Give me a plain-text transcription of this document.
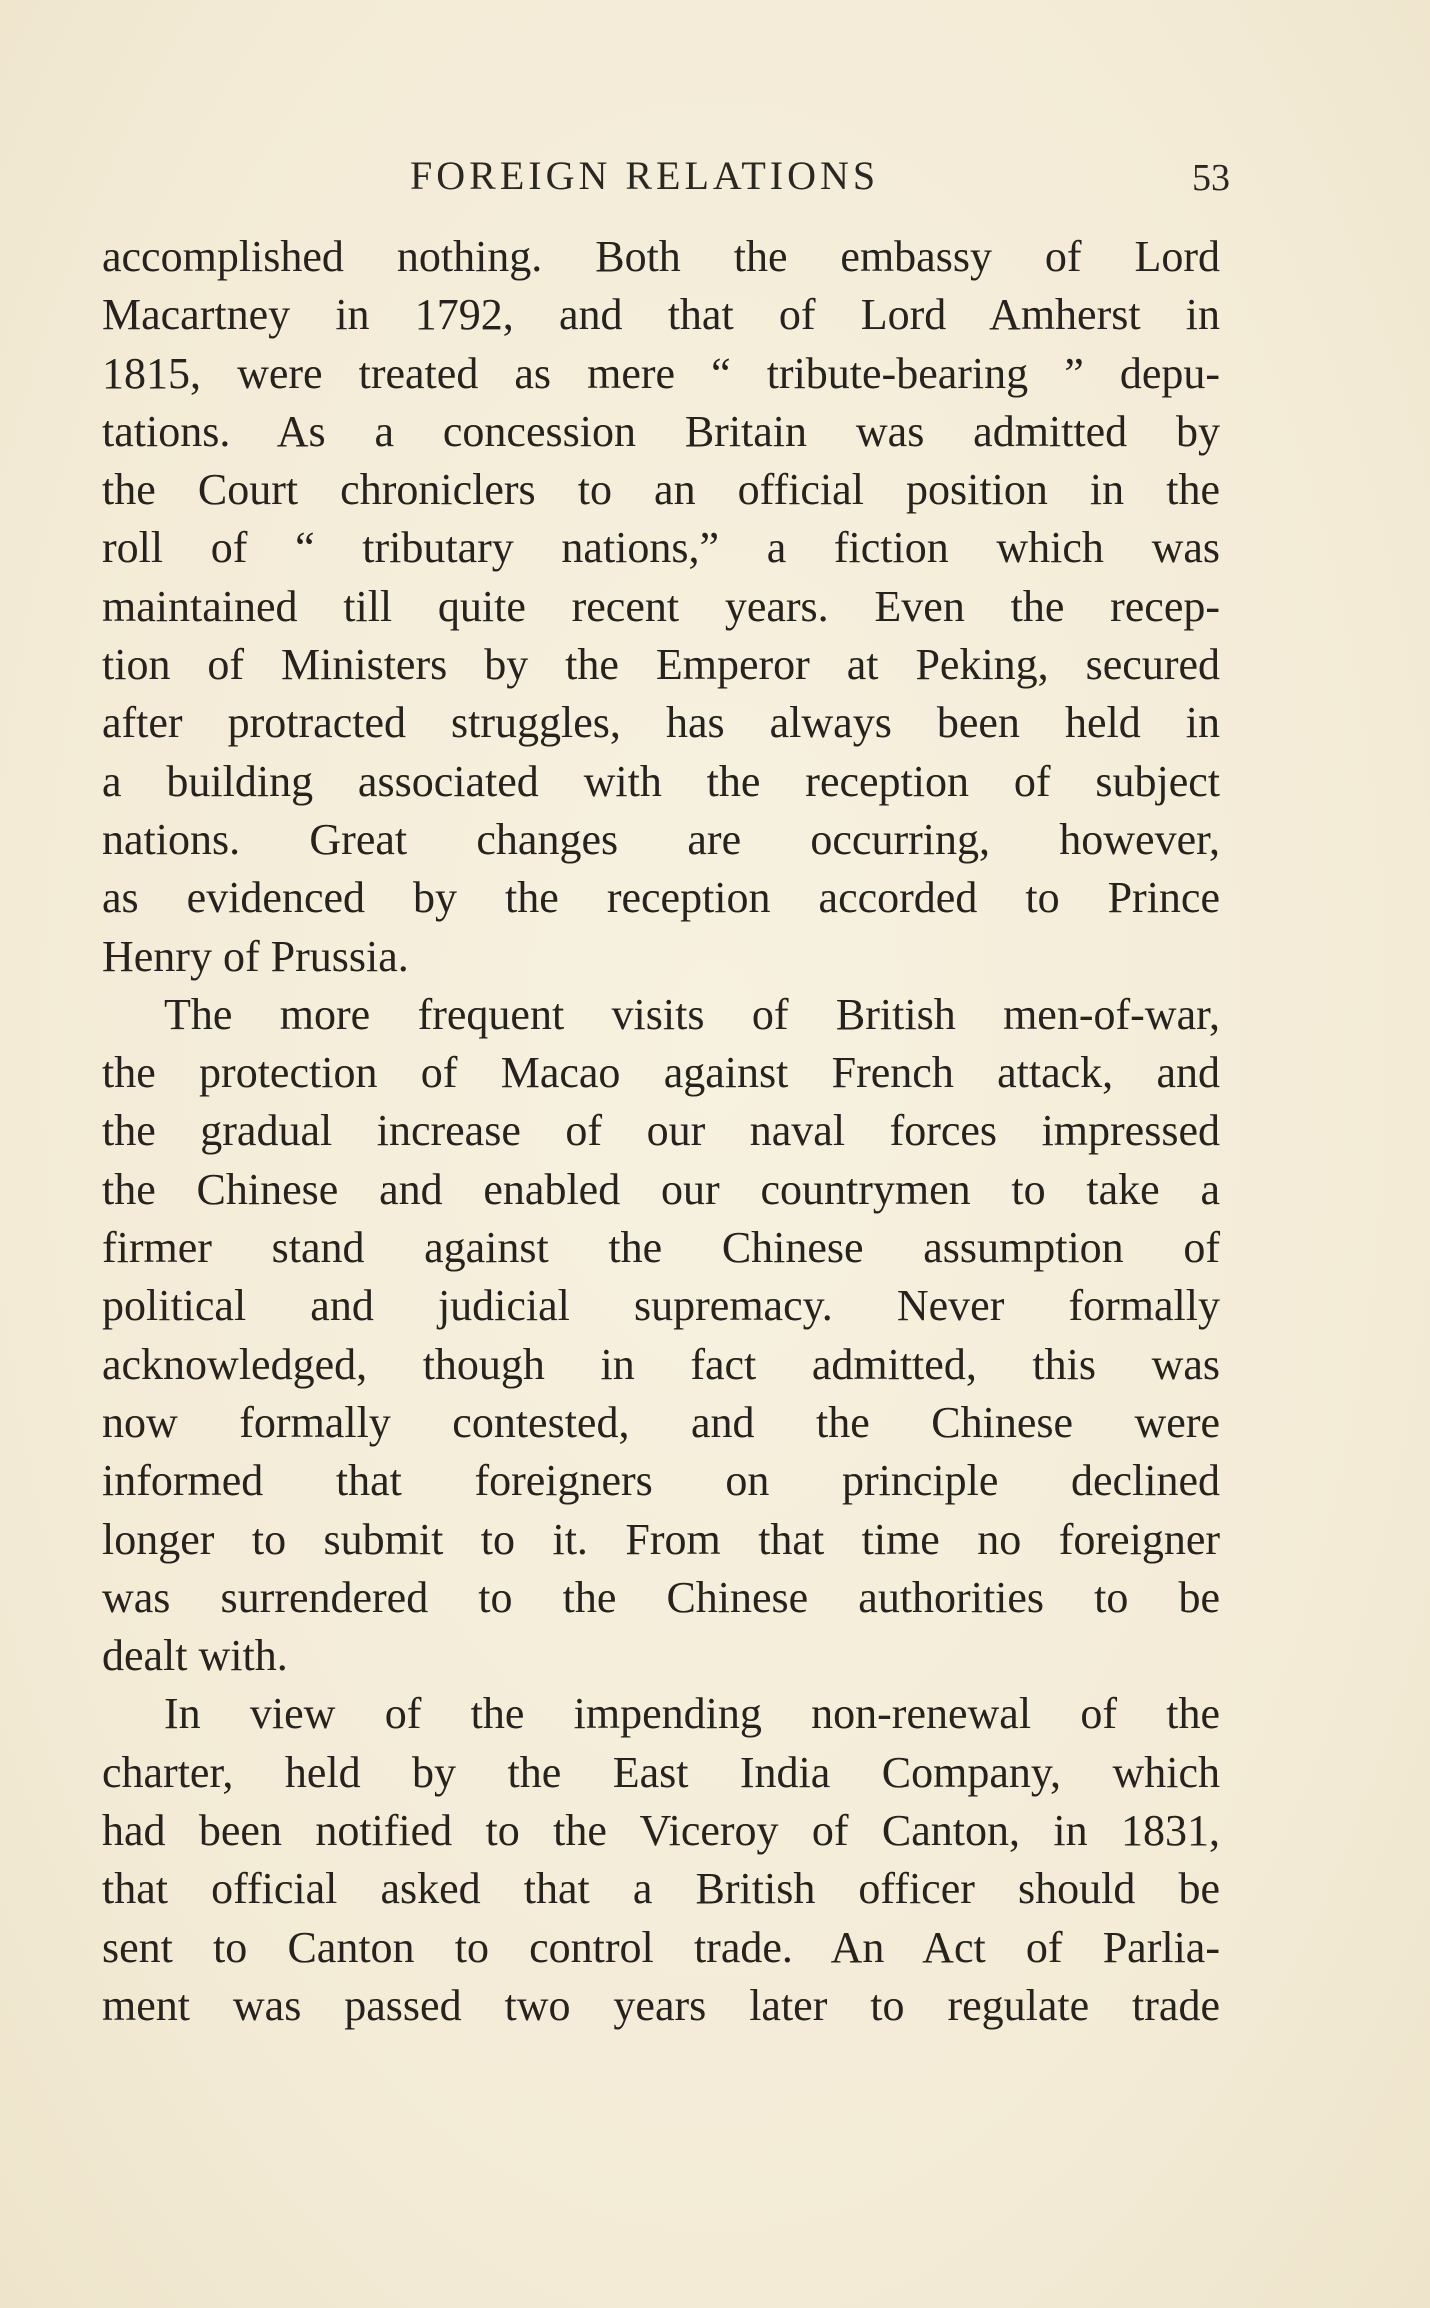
FOREIGN RELATIONS	53
accomplished nothing. Both the embassy of Lord
Macartney in 1792, and that of Lord Amherst in
1815, were treated as mere “ tribute-bearing ” depu-
tations. As a concession Britain was admitted by
the Court chroniclers to an official position in the
roll of “ tributary nations,” a fiction which was
maintained till quite recent years. Even the recep-
tion of Ministers by the Emperor at Peking, secured
after protracted struggles, has always been held in
a building associated with the reception of subject
nations. Great changes are occurring, however,
as evidenced by the reception accorded to Prince
Henry of Prussia.
The more frequent visits of British men-of-war,
the protection of Macao against French attack, and
the gradual increase of our naval forces impressed
the Chinese and enabled our countrymen to take a
firmer stand against the Chinese assumption of
political and judicial supremacy. Never formally
acknowledged, though in fact admitted, this was
now formally contested, and the Chinese were
informed that foreigners on principle declined
longer to submit to it. From that time no foreigner
was surrendered to the Chinese authorities to be
dealt with.
In view of the impending non-renewal of the
charter, held by the East India Company, which
had been notified to the Viceroy of Canton, in 1831,
that official asked that a British officer should be
sent to Canton to control trade. An Act of Parlia-
ment was passed two years later to regulate trade
